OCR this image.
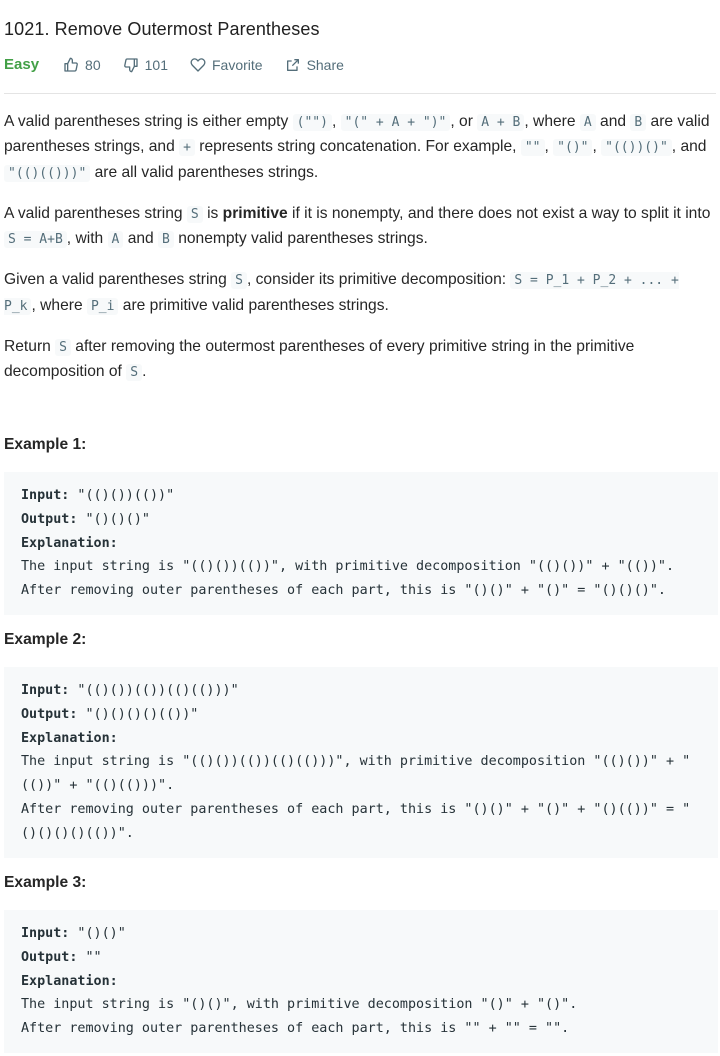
1021. Remove Outermost Parentheses
Easy	80	101	Favorite	Share

A valid parentheses string is either empty ("") , "(" + A + ")" , or A + B , where A and B are valid parentheses strings, and + represents string concatenation. For example, "" , "()" , "(())()" , and "(()(()))" are all valid parentheses strings.

A valid parentheses string S is primitive if it is nonempty, and there does not exist a way to split it into S = A+B , with A and B nonempty valid parentheses strings.

Given a valid parentheses string S , consider its primitive decomposition: S = P_1 + P_2 + ... + P_k , where P_i are primitive valid parentheses strings.

Return S after removing the outermost parentheses of every primitive string in the primitive decomposition of S .

Example 1:
Input: "(()())(())"
Output: "()()()"
Explanation:
The input string is "(()())(())", with primitive decomposition "(()())" + "(())".
After removing outer parentheses of each part, this is "()()" + "()" = "()()()".
Example 2:
Input: "(()())(())(()(()))"
Output: "()()()()(())"
Explanation:
The input string is "(()())(())(()(()))", with primitive decomposition "(()())" + "
(())" + "(()(()))".
After removing outer parentheses of each part, this is "()()" + "()" + "()(())" = "
()()()()(())".
Example 3:
Input: "()()"
Output: ""
Explanation:
The input string is "()()", with primitive decomposition "()" + "()".
After removing outer parentheses of each part, this is "" + "" = "".
